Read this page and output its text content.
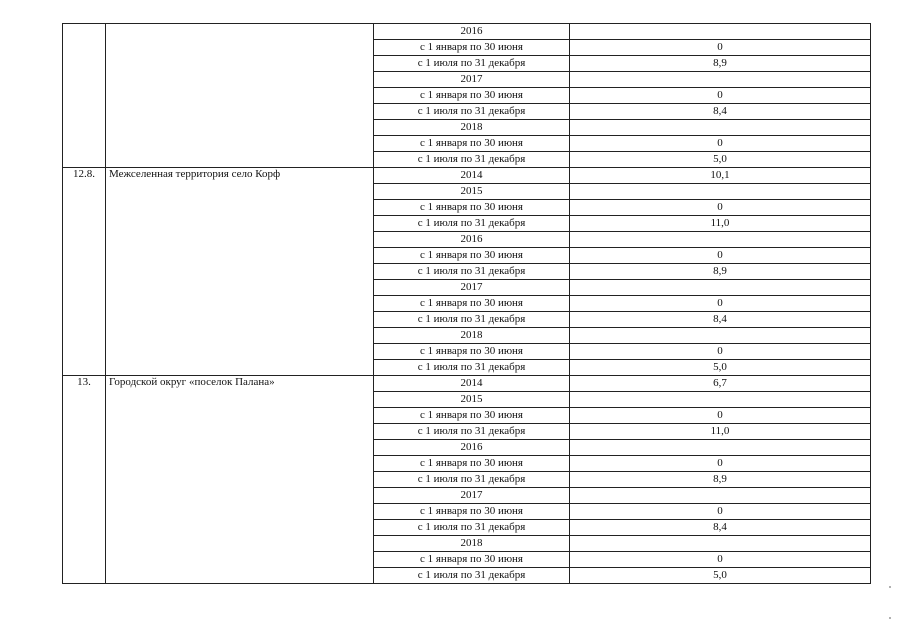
		2016	
		с 1 января по 30 июня	0
		с 1 июля по 31 декабря	8,9
		2017	
		с 1 января по 30 июня	0
		с 1 июля по 31 декабря	8,4
		2018	
		с 1 января по 30 июня	0
		с 1 июля по 31 декабря	5,0
12.8.	Межселенная территория село Корф	2014	10,1
		2015	
		с 1 января по 30 июня	0
		с 1 июля по 31 декабря	11,0
		2016	
		с 1 января по 30 июня	0
		с 1 июля по 31 декабря	8,9
		2017	
		с 1 января по 30 июня	0
		с 1 июля по 31 декабря	8,4
		2018	
		с 1 января по 30 июня	0
		с 1 июля по 31 декабря	5,0
13.	Городской округ «поселок Палана»	2014	6,7
		2015	
		с 1 января по 30 июня	0
		с 1 июля по 31 декабря	11,0
		2016	
		с 1 января по 30 июня	0
		с 1 июля по 31 декабря	8,9
		2017	
		с 1 января по 30 июня	0
		с 1 июля по 31 декабря	8,4
		2018	
		с 1 января по 30 июня	0
		с 1 июля по 31 декабря	5,0
